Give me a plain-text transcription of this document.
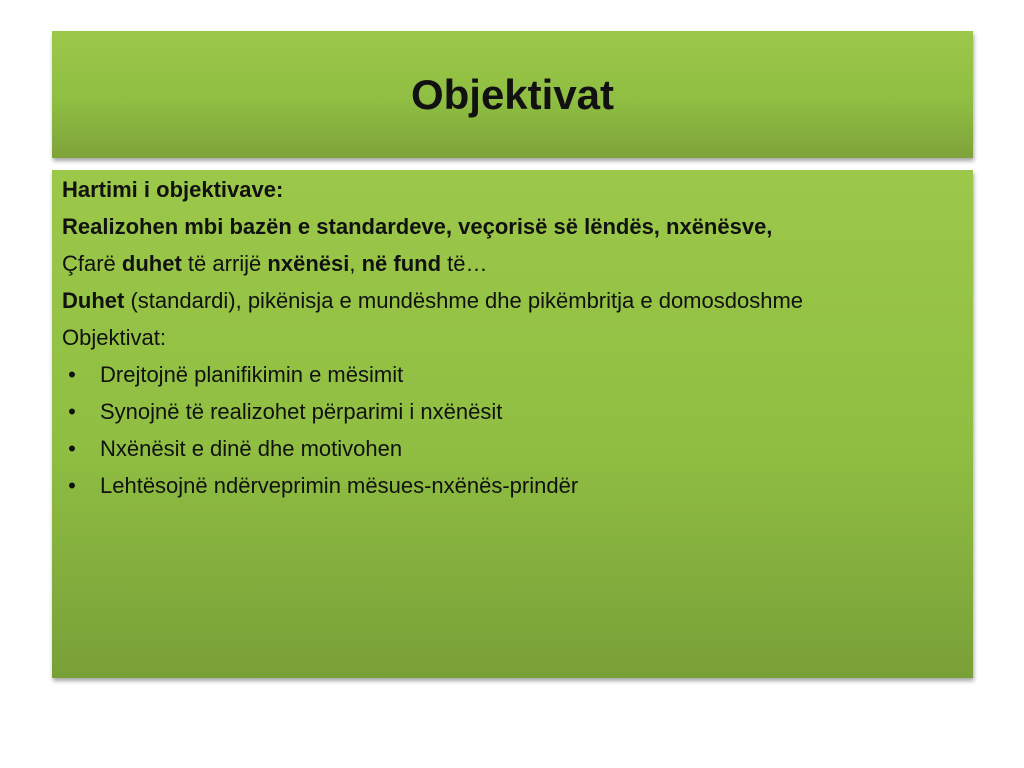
Objektivat

Hartimi i objektivave:

Realizohen mbi bazën e standardeve, veçorisë së lëndës, nxënësve,

Çfarë duhet të arrijë nxënësi, në fund të…

Duhet (standardi), pikënisja e mundëshme dhe pikëmbritja e domosdoshme

Objektivat:

• Drejtojnë planifikimin e mësimit
• Synojnë të realizohet përparimi i nxënësit
• Nxënësit e dinë dhe motivohen
• Lehtësojnë ndërveprimin mësues-nxënës-prindër
